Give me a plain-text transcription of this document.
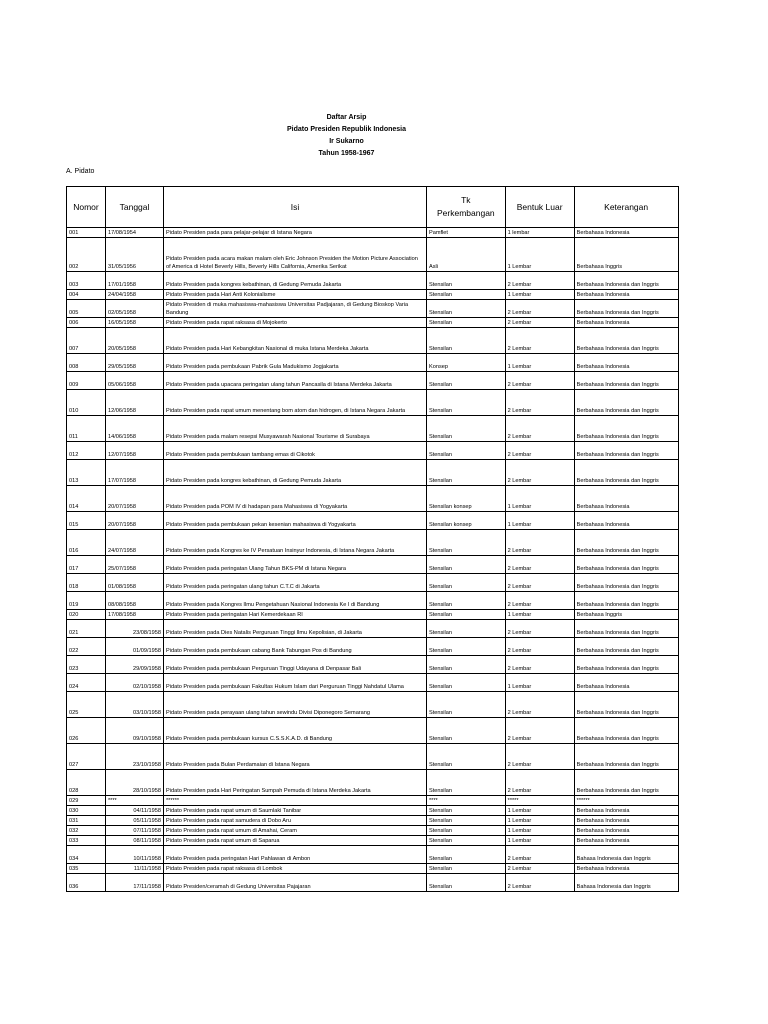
Daftar Arsip
Pidato Presiden Republik Indonesia
Ir Sukarno
Tahun 1958-1967
A. Pidato
Nomor	Tanggal	Isi	Tk Perkembangan	Bentuk Luar	Keterangan
001	17/08/1954	Pidato Presiden pada para pelajar-pelajar di Istana Negara	Pamflet	1 lembar	Berbahasa Indonesia
002	31/05/1956	Pidato Presiden pada acara makan malam oleh Eric Johnson Presiden the Motion Picture Association of America di Hotel Beverly Hills, Beverly Hills California, Amerika Serikat	Asli	1 Lembar	Berbahasa Inggris
003	17/01/1958	Pidato Presiden pada kongres kebathinan, di Gedung Pemuda Jakarta	Stensilan	2 Lembar	Berbahasa Indonesia dan Inggris
004	24/04/1958	Pidato Presiden pada Hari Anti Kolonialisme	Stensilan	1 Lembar	Berbahasa Indonesia
005	02/05/1958	Pidato Presiden di muka mahasiswa-mahasiswa Universitas Padjajaran, di Gedung Bioskop Varia Bandung	Stensilan	2 Lembar	Berbahasa Indonesia dan Inggris
006	16/05/1958	Pidato Presiden pada rapat raksasa di Mojokerto	Stensilan	2 Lembar	Berbahasa Indonesia
007	20/05/1958	Pidato Presiden pada Hari Kebangkitan Nasional di muka Istana Merdeka Jakarta	Stensilan	2 Lembar	Berbahasa Indonesia dan Inggris
008	29/05/1958	Pidato Presiden pada pembukaan Pabrik Gula Madukismo Jogjakarta	Konsep	1 Lembar	Berbahasa Indonesia
009	05/06/1958	Pidato Presiden pada upacara peringatan ulang tahun Pancasila di Istana Merdeka Jakarta	Stensilan	2 Lembar	Berbahasa Indonesia dan Inggris
010	12/06/1958	Pidato Presiden pada rapat umum menentang bom atom dan hidrogen, di Istana Negara Jakarta	Stensilan	2 Lembar	Berbahasa Indonesia dan Inggris
011	14/06/1958	Pidato Presiden pada malam resepsi Musyawarah Nasional Tourisme di Surabaya	Stensilan	2 Lembar	Berbahasa Indonesia dan Inggris
012	12/07/1958	Pidato Presiden pada pembukaan tambang emas di Cikotok	Stensilan	2 Lembar	Berbahasa Indonesia dan Inggris
013	17/07/1958	Pidato Presiden pada kongres kebathinan, di Gedung Pemuda Jakarta	Stensilan	2 Lembar	Berbahasa Indonesia dan Inggris
014	20/07/1958	Pidato Presiden pada POM IV di hadapan para Mahasiswa di Yogyakarta	Stensilan konsep	1 Lembar	Berbahasa Indonesia
015	20/07/1958	Pidato Presiden pada pembukaan pekan kesenian mahasiswa di Yogyakarta	Stensilan konsep	1 Lembar	Berbahasa Indonesia
016	24/07/1958	Pidato Presiden pada Kongres ke IV Persatuan Insinyur Indonesia, di Istana Negara Jakarta	Stensilan	2 Lembar	Berbahasa Indonesia dan Inggris
017	25/07/1958	Pidato Presiden pada peringatan Ulang Tahun BKS-PM di Istana Negara	Stensilan	2 Lembar	Berbahasa Indonesia dan Inggris
018	01/08/1958	Pidato Presiden pada peringatan ulang tahun C.T.C di Jakarta	Stensilan	2 Lembar	Berbahasa Indonesia dan Inggris
019	08/08/1958	Pidato Presiden pada Kongres Ilmu Pengetahuan Nasional Indonesia Ke I di Bandung	Stensilan	2 Lembar	Berbahasa Indonesia dan Inggris
020	17/08/1958	Pidato Presiden pada peringatan Hari Kemerdekaan RI	Stensilan	1 Lembar	Berbahasa Inggris
021	23/08/1958	Pidato Presiden pada Dies Natalis Perguruan Tinggi Ilmu Kepolisian, di Jakarta	Stensilan	2 Lembar	Berbahasa Indonesia dan Inggris
022	01/09/1958	Pidato Presiden pada pembukaan cabang Bank Tabungan Pos di Bandung	Stensilan	2 Lembar	Berbahasa Indonesia dan Inggris
023	29/09/1958	Pidato Presiden pada pembukaan Perguruan Tinggi Udayana di Denpasar Bali	Stensilan	2 Lembar	Berbahasa Indonesia dan Inggris
024	02/10/1958	Pidato Presiden pada pembukaan Fakultas Hukum Islam dari Perguruan Tinggi Nahdatul Ulama	Stensilan	1 Lembar	Berbahasa Indonesia
025	03/10/1958	Pidato Presiden pada perayaan ulang tahun sewindu Divisi Diponegoro Semarang	Stensilan	2 Lembar	Berbahasa Indonesia dan Inggris
026	09/10/1958	Pidato Presiden pada pembukaan kursus C.S.S.K.A.D. di Bandung	Stensilan	2 Lembar	Berbahasa Indonesia dan Inggris
027	23/10/1958	Pidato Presiden pada Bulan Perdamaian di Istana Negara	Stensilan	2 Lembar	Berbahasa Indonesia dan Inggris
028	28/10/1958	Pidato Presiden pada Hari Peringatan Sumpah Pemuda di Istana Merdeka Jakarta	Stensilan	2 Lembar	Berbahasa Indonesia dan Inggris
029	****	******	****	*****	******
030	04/11/1958	Pidato Presiden pada rapat umum di Saumlaki Tanibar	Stensilan	1 Lembar	Berbahasa Indonesia
031	05/11/1958	Pidato Presiden pada rapat samudera di Dobo Aru	Stensilan	1 Lembar	Berbahasa Indonesia
032	07/11/1958	Pidato Presiden pada rapat umum di Amahai, Ceram	Stensilan	1 Lembar	Berbahasa Indonesia
033	08/11/1958	Pidato Presiden pada rapat umum di Saparua	Stensilan	1 Lembar	Berbahasa Indonesia
034	10/11/1958	Pidato Presiden pada peringatan Hari Pahlawan di Ambon	Stensilan	2 Lembar	Bahasa Indonesia dan Inggris
035	11/11/1958	Pidato Presiden pada rapat raksasa di Lombok	Stensilan	2 Lembar	Berbahasa Indonesia
036	17/11/1958	Pidato Presiden/ceramah di Gedung Universitas Pajajaran	Stensilan	2 Lembar	Bahasa Indonesia dan Inggris
